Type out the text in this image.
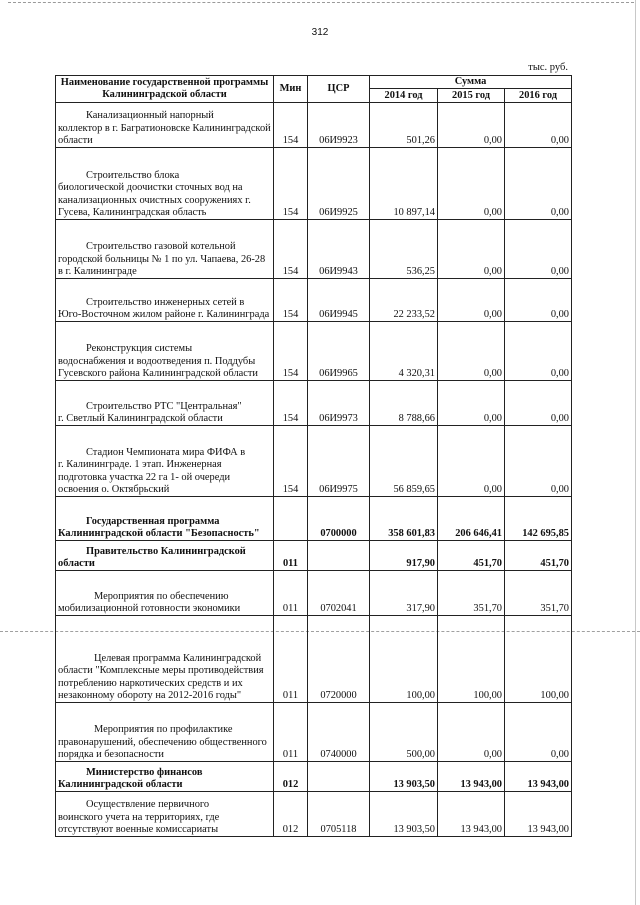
312
тыс. руб.
Наименование государственной программы Калининградской области	Мин	ЦСР	Сумма		
			2014 год	2015 год	2016 год

Канализационный напорный
коллектор в г. Багратионовске Калининградской области	154	06И9923	501,26	0,00	0,00

Строительство блока
биологической доочистки сточных вод на канализационных очистных сооружениях г. Гусева, Калининградская область	154	06И9925	10 897,14	0,00	0,00

Строительство газовой котельной
городской больницы № 1 по ул. Чапаева, 26-28 в г. Калининграде	154	06И9943	536,25	0,00	0,00

Строительство инженерных сетей в
Юго-Восточном жилом районе г. Калининграда	154	06И9945	22 233,52	0,00	0,00

Реконструкция системы
водоснабжения и водоотведения п. Поддубы Гусевского района Калининградской области	154	06И9965	4 320,31	0,00	0,00

Строительство РТС "Центральная"
г. Светлый Калининградской области	154	06И9973	8 788,66	0,00	0,00

Стадион Чемпионата мира ФИФА в
г. Калининграде. 1 этап. Инженерная подготовка участка 22 га 1- ой очереди освоения о. Октябрьский	154	06И9975	56 859,65	0,00	0,00

Государственная программа
Калининградской области "Безопасность"		0700000	358 601,83	206 646,41	142 695,85

Правительство Калининградской
области	011		917,90	451,70	451,70

Мероприятия по обеспечению
мобилизационной готовности экономики	011	0702041	317,90	351,70	351,70

Целевая программа Калининградской
области "Комплексные меры противодействия потреблению наркотических средств и их незаконному обороту на 2012-2016 годы"	011	0720000	100,00	100,00	100,00

Мероприятия по профилактике
правонарушений, обеспечению общественного порядка и безопасности	011	0740000	500,00	0,00	0,00

Министерство финансов
Калининградской области	012		13 903,50	13 943,00	13 943,00

Осуществление первичного
воинского учета на территориях, где отсутствуют военные комиссариаты	012	0705118	13 903,50	13 943,00	13 943,00
